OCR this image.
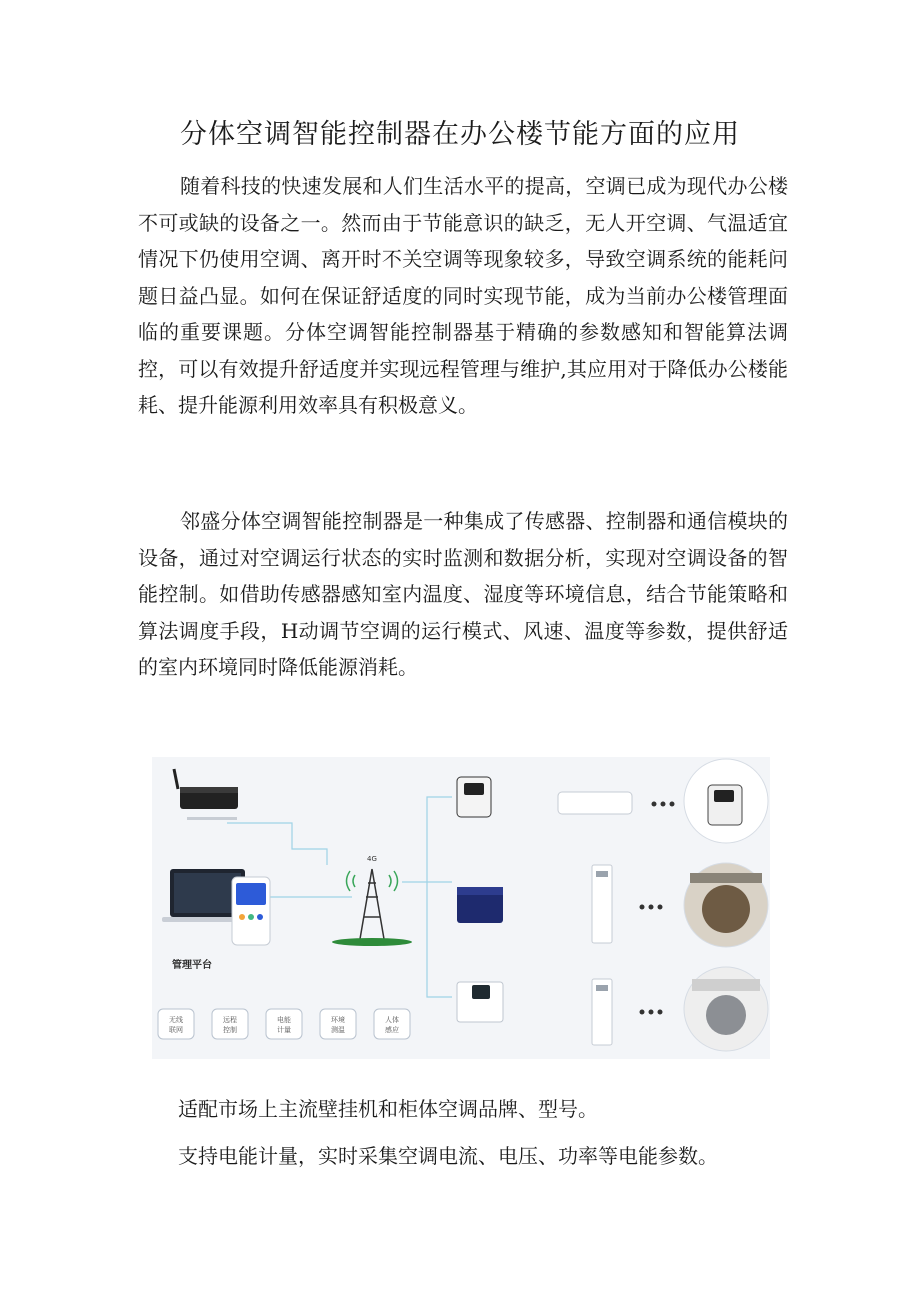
分体空调智能控制器在办公楼节能方面的应用

随着科技的快速发展和人们生活水平的提高，空调已成为现代办公楼不可或缺的设备之一。然而由于节能意识的缺乏，无人开空调、气温适宜情况下仍使用空调、离开时不关空调等现象较多，导致空调系统的能耗问题日益凸显。如何在保证舒适度的同时实现节能，成为当前办公楼管理面临的重要课题。分体空调智能控制器基于精确的参数感知和智能算法调控，可以有效提升舒适度并实现远程管理与维护,其应用对于降低办公楼能耗、提升能源利用效率具有积极意义。

邻盛分体空调智能控制器是一种集成了传感器、控制器和通信模块的设备，通过对空调运行状态的实时监测和数据分析，实现对空调设备的智能控制。如借助传感器感知室内温度、湿度等环境信息，结合节能策略和算法调度手段，H动调节空调的运行模式、风速、温度等参数，提供舒适的室内环境同时降低能源消耗。

管理平台
无线
联网
远程
控制
电能
计量
环境
测温
人体
感应
4G

适配市场上主流壁挂机和柜体空调品牌、型号。

支持电能计量，实时采集空调电流、电压、功率等电能参数。
